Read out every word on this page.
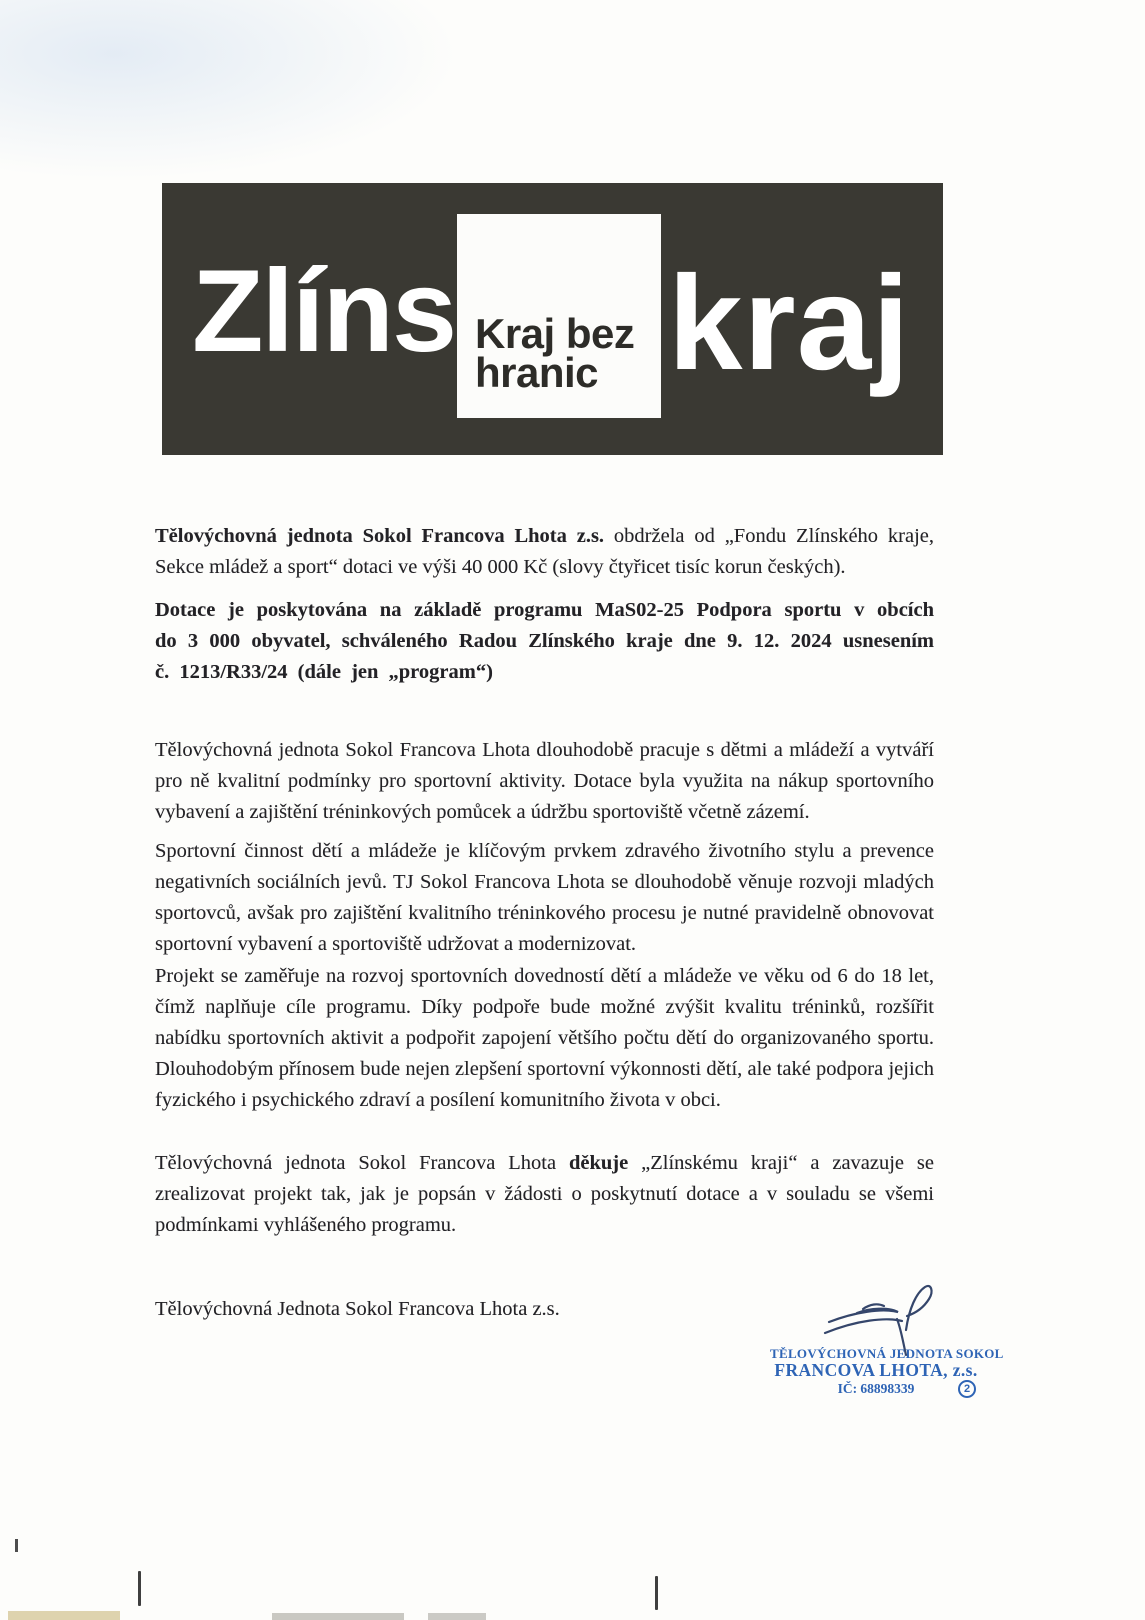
Zlíns kraj
Kraj bez
hranic

Tělovýchovná jednota Sokol Francova Lhota z.s. obdržela od „Fondu Zlínského kraje, Sekce mládež a sport“ dotaci ve výši 40 000 Kč (slovy čtyřicet tisíc korun českých).

Dotace je poskytována na základě programu MaS02-25 Podpora sportu v obcích do 3 000 obyvatel, schváleného Radou Zlínského kraje dne 9. 12. 2024 usnesením č. 1213/R33/24 (dále jen „program“)

Tělovýchovná jednota Sokol Francova Lhota dlouhodobě pracuje s dětmi a mládeží a vytváří pro ně kvalitní podmínky pro sportovní aktivity. Dotace byla využita na nákup sportovního vybavení a zajištění tréninkových pomůcek a údržbu sportoviště včetně zázemí.

Sportovní činnost dětí a mládeže je klíčovým prvkem zdravého životního stylu a prevence negativních sociálních jevů. TJ Sokol Francova Lhota se dlouhodobě věnuje rozvoji mladých sportovců, avšak pro zajištění kvalitního tréninkového procesu je nutné pravidelně obnovovat sportovní vybavení a sportoviště udržovat a modernizovat.

Projekt se zaměřuje na rozvoj sportovních dovedností dětí a mládeže ve věku od 6 do 18 let, čímž naplňuje cíle programu. Díky podpoře bude možné zvýšit kvalitu tréninků, rozšířit nabídku sportovních aktivit a podpořit zapojení většího počtu dětí do organizovaného sportu. Dlouhodobým přínosem bude nejen zlepšení sportovní výkonnosti dětí, ale také podpora jejich fyzického i psychického zdraví a posílení komunitního života v obci.

Tělovýchovná jednota Sokol Francova Lhota děkuje „Zlínskému kraji“ a zavazuje se zrealizovat projekt tak, jak je popsán v žádosti o poskytnutí dotace a v souladu se všemi podmínkami vyhlášeného programu.

Tělovýchovná Jednota Sokol Francova Lhota z.s.

TĚLOVÝCHOVNÁ JEDNOTA SOKOL
FRANCOVA LHOTA, z.s.
IČ: 68898339	2
